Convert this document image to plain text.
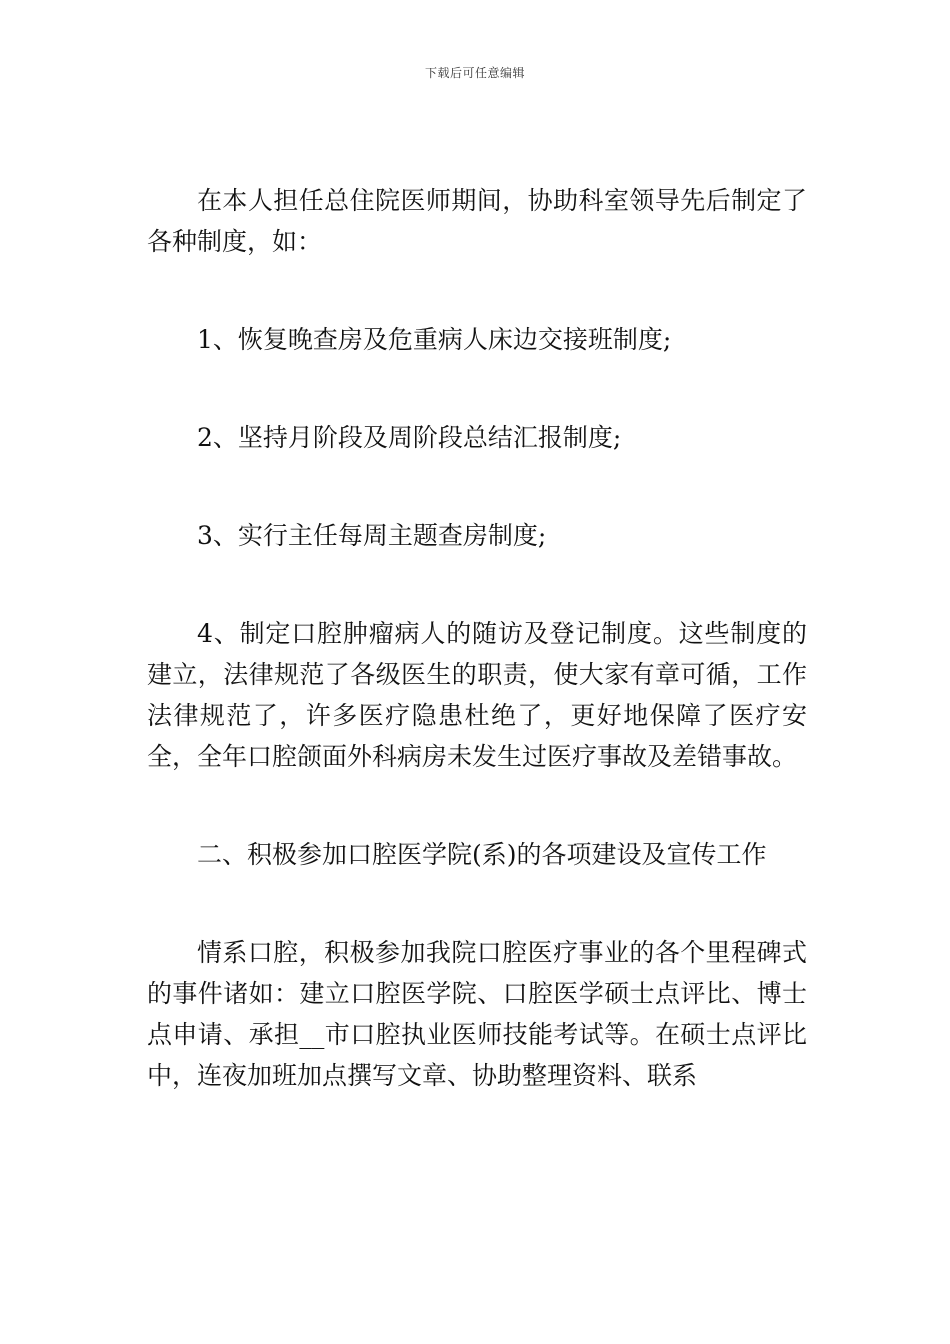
下载后可任意编辑

在本人担任总住院医师期间，协助科室领导先后制定了各种制度，如：

1、恢复晚查房及危重病人床边交接班制度;

2、坚持月阶段及周阶段总结汇报制度;

3、实行主任每周主题查房制度;

4、制定口腔肿瘤病人的随访及登记制度。这些制度的建立，法律规范了各级医生的职责，使大家有章可循，工作法律规范了，许多医疗隐患杜绝了，更好地保障了医疗安全，全年口腔颌面外科病房未发生过医疗事故及差错事故。

二、积极参加口腔医学院(系)的各项建设及宣传工作

情系口腔，积极参加我院口腔医疗事业的各个里程碑式的事件诸如：建立口腔医学院、口腔医学硕士点评比、博士点申请、承担__市口腔执业医师技能考试等。在硕士点评比中，连夜加班加点撰写文章、协助整理资料、联系
